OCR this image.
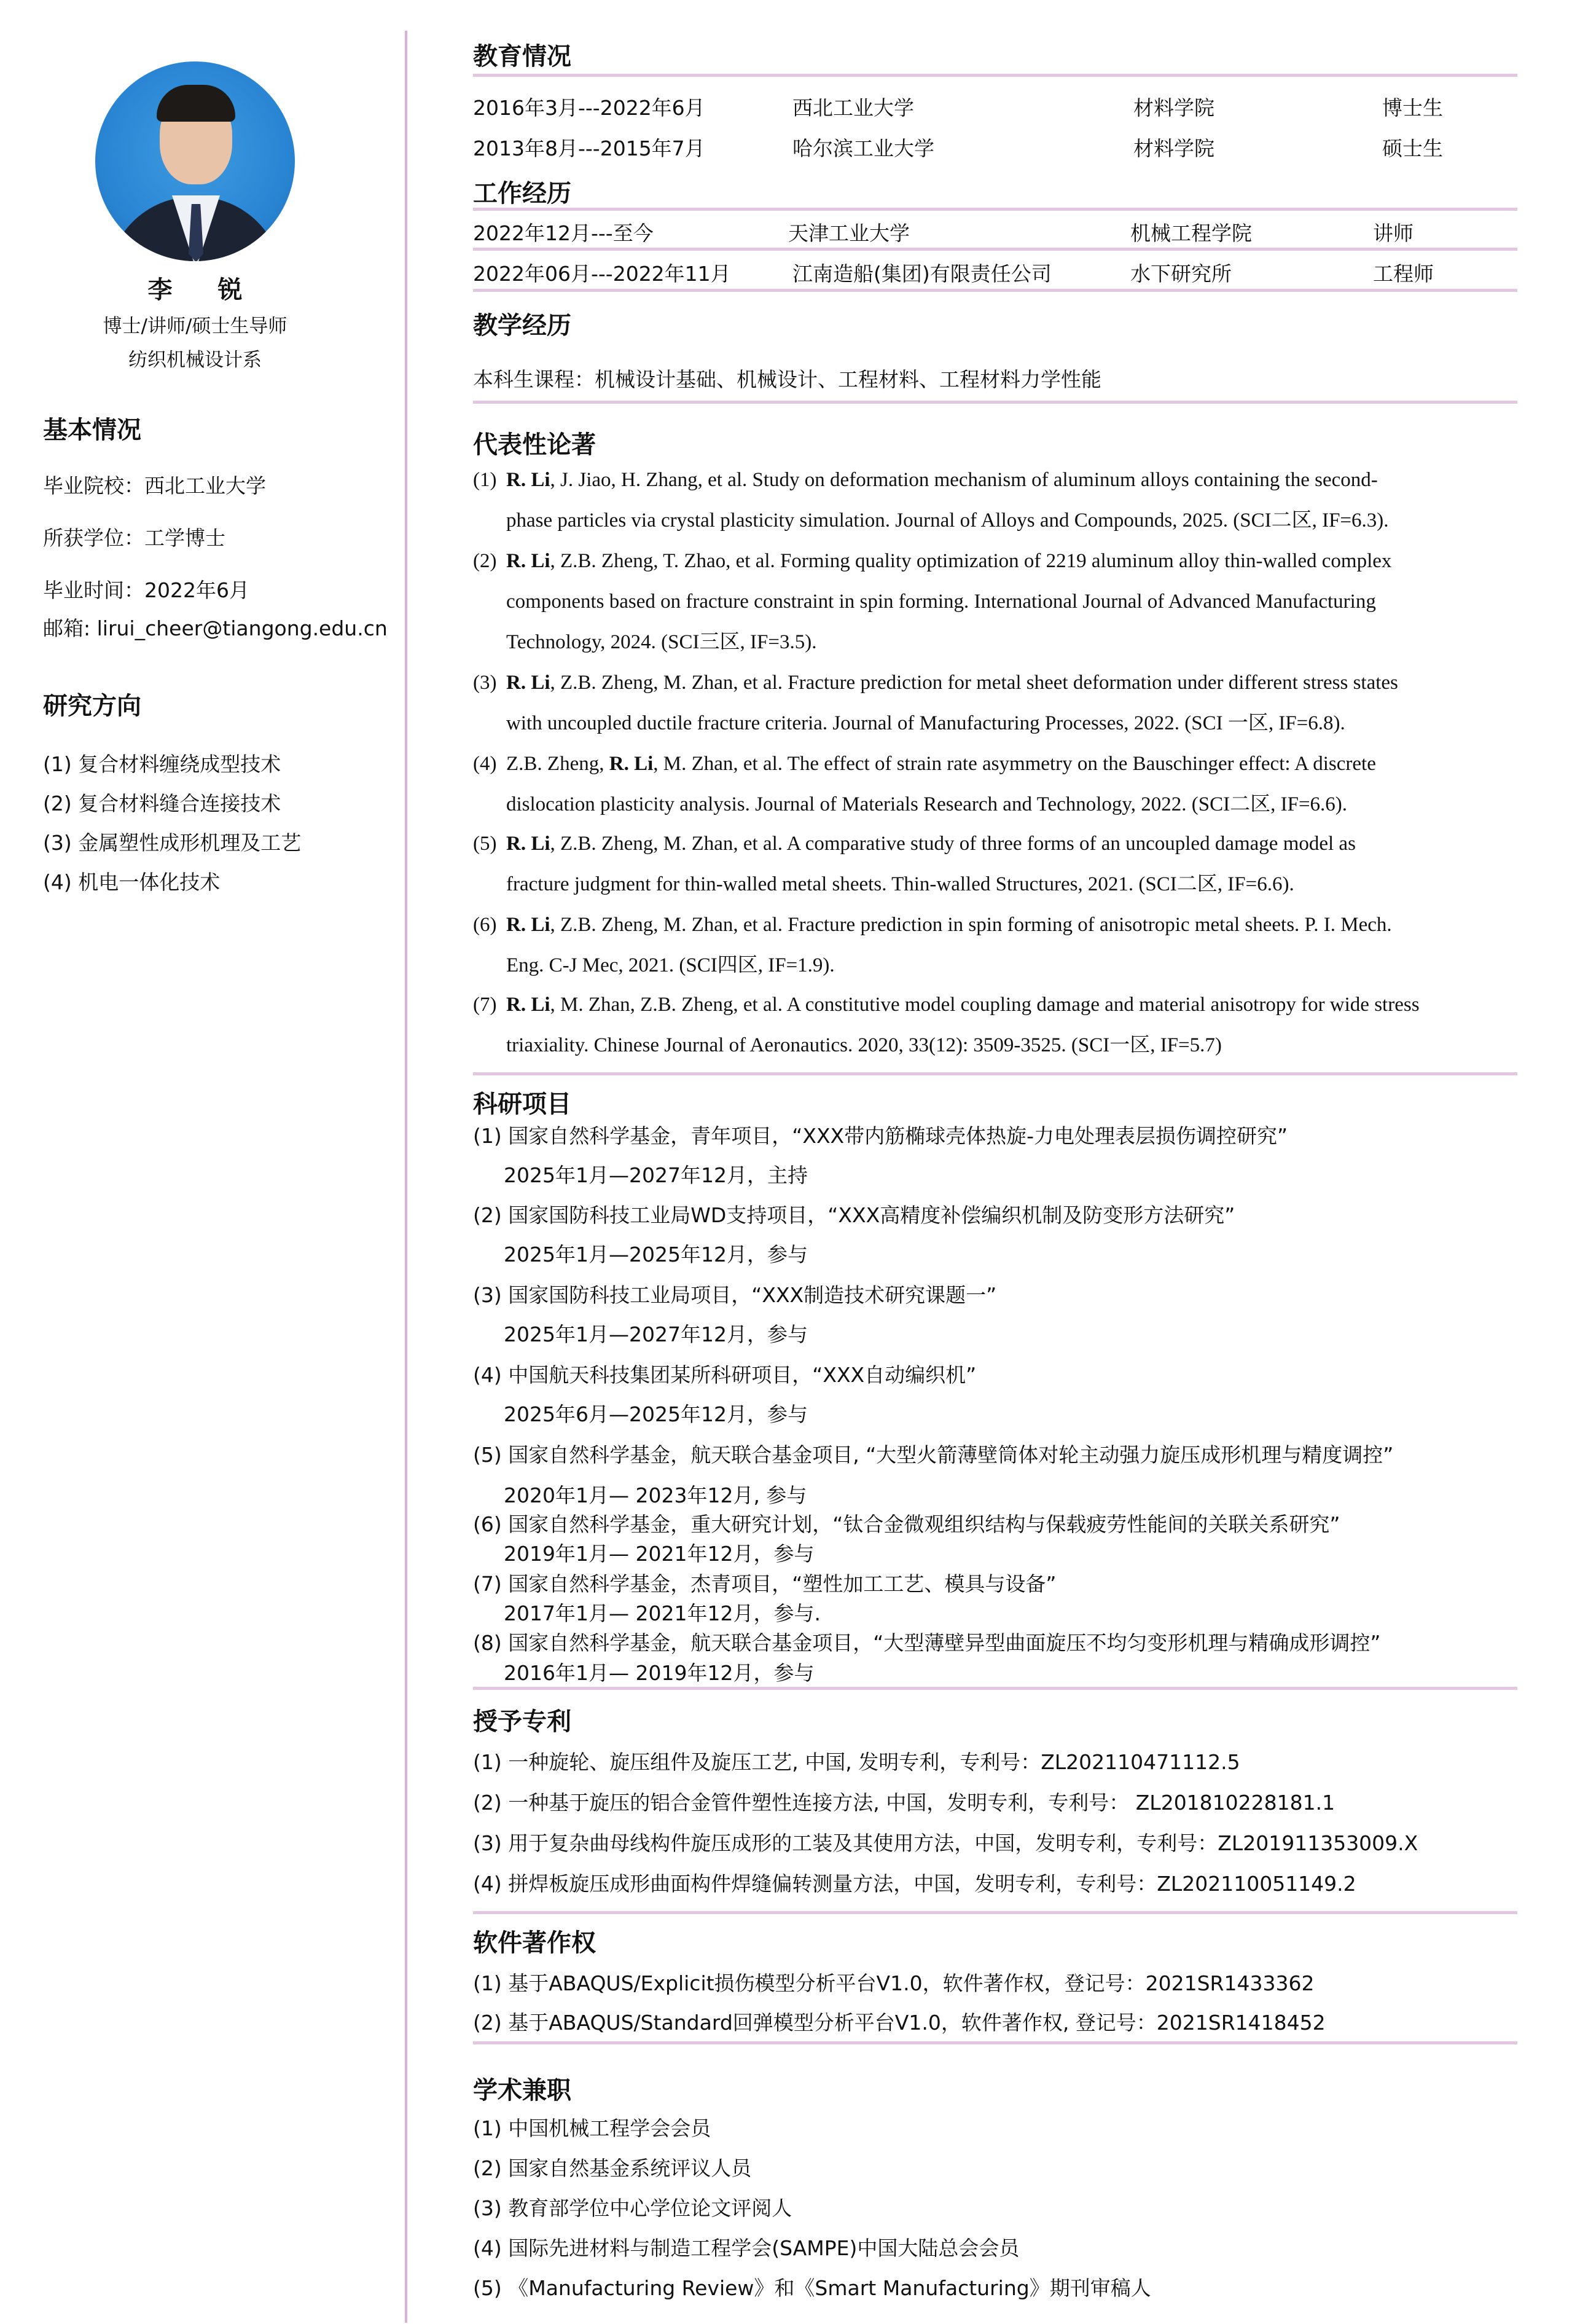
李 锐
博士/讲师/硕士生导师
纺织机械设计系
基本情况
毕业院校：西北工业大学
所获学位：工学博士
毕业时间：2022年6月
邮箱: lirui_cheer@tiangong.edu.cn
研究方向
(1) 复合材料缠绕成型技术
(2) 复合材料缝合连接技术
(3) 金属塑性成形机理及工艺
(4) 机电一体化技术
教育情况
2016年3月---2022年6月	西北工业大学	材料学院	博士生
2013年8月---2015年7月	哈尔滨工业大学	材料学院	硕士生
工作经历
2022年12月---至今	天津工业大学	机械工程学院	讲师
2022年06月---2022年11月	江南造船(集团)有限责任公司	水下研究所	工程师
教学经历
本科生课程：机械设计基础、机械设计、工程材料、工程材料力学性能
代表性论著
(1) R. Li, J. Jiao, H. Zhang, et al. Study on deformation mechanism of aluminum alloys containing the second-
phase particles via crystal plasticity simulation. Journal of Alloys and Compounds, 2025. (SCI二区, IF=6.3).
(2) R. Li, Z.B. Zheng, T. Zhao, et al. Forming quality optimization of 2219 aluminum alloy thin-walled complex
components based on fracture constraint in spin forming. International Journal of Advanced Manufacturing
Technology, 2024. (SCI三区, IF=3.5).
(3) R. Li, Z.B. Zheng, M. Zhan, et al. Fracture prediction for metal sheet deformation under different stress states
with uncoupled ductile fracture criteria. Journal of Manufacturing Processes, 2022. (SCI 一区, IF=6.8).
(4) Z.B. Zheng, R. Li, M. Zhan, et al. The effect of strain rate asymmetry on the Bauschinger effect: A discrete
dislocation plasticity analysis. Journal of Materials Research and Technology, 2022. (SCI二区, IF=6.6).
(5) R. Li, Z.B. Zheng, M. Zhan, et al. A comparative study of three forms of an uncoupled damage model as
fracture judgment for thin-walled metal sheets. Thin-walled Structures, 2021. (SCI二区, IF=6.6).
(6) R. Li, Z.B. Zheng, M. Zhan, et al. Fracture prediction in spin forming of anisotropic metal sheets. P. I. Mech.
Eng. C-J Mec, 2021. (SCI四区, IF=1.9).
(7) R. Li, M. Zhan, Z.B. Zheng, et al. A constitutive model coupling damage and material anisotropy for wide stress
triaxiality. Chinese Journal of Aeronautics. 2020, 33(12): 3509-3525. (SCI一区, IF=5.7)
科研项目
(1) 国家自然科学基金，青年项目，“XXX带内筋椭球壳体热旋-力电处理表层损伤调控研究”
2025年1月—2027年12月，主持
(2) 国家国防科技工业局WD支持项目，“XXX高精度补偿编织机制及防变形方法研究”
2025年1月—2025年12月，参与
(3) 国家国防科技工业局项目，“XXX制造技术研究课题一”
2025年1月—2027年12月，参与
(4) 中国航天科技集团某所科研项目，“XXX自动编织机”
2025年6月—2025年12月，参与
(5) 国家自然科学基金，航天联合基金项目, “大型火箭薄壁筒体对轮主动强力旋压成形机理与精度调控”
2020年1月— 2023年12月, 参与
(6) 国家自然科学基金，重大研究计划，“钛合金微观组织结构与保载疲劳性能间的关联关系研究”
2019年1月— 2021年12月，参与
(7) 国家自然科学基金，杰青项目，“塑性加工工艺、模具与设备”
2017年1月— 2021年12月，参与.
(8) 国家自然科学基金，航天联合基金项目，“大型薄壁异型曲面旋压不均匀变形机理与精确成形调控”
2016年1月— 2019年12月，参与
授予专利
(1) 一种旋轮、旋压组件及旋压工艺, 中国, 发明专利，专利号：ZL202110471112.5
(2) 一种基于旋压的铝合金管件塑性连接方法, 中国，发明专利，专利号： ZL201810228181.1
(3) 用于复杂曲母线构件旋压成形的工装及其使用方法，中国，发明专利，专利号：ZL201911353009.X
(4) 拼焊板旋压成形曲面构件焊缝偏转测量方法，中国，发明专利，专利号：ZL202110051149.2
软件著作权
(1) 基于ABAQUS/Explicit损伤模型分析平台V1.0，软件著作权，登记号：2021SR1433362
(2) 基于ABAQUS/Standard回弹模型分析平台V1.0，软件著作权, 登记号：2021SR1418452
学术兼职
(1) 中国机械工程学会会员
(2) 国家自然基金系统评议人员
(3) 教育部学位中心学位论文评阅人
(4) 国际先进材料与制造工程学会(SAMPE)中国大陆总会会员
(5) 《Manufacturing Review》和《Smart Manufacturing》期刊审稿人
